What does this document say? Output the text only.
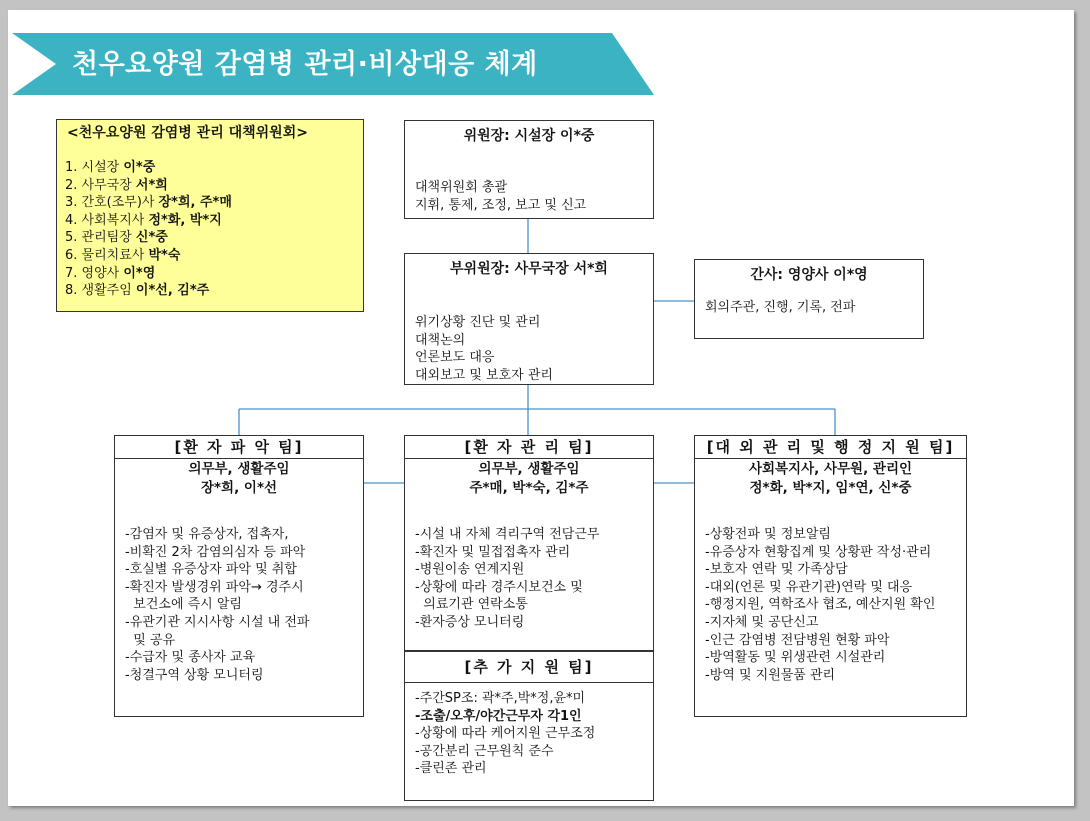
천우요양원 감염병 관리·비상대응 체계
<천우요양원 감염병 관리 대책위원회>
1. 시설장 이*중
2. 사무국장 서*희
3. 간호(조무)사 장*희, 주*매
4. 사회복지사 정*화, 박*지
5. 관리팀장 신*중
6. 물리치료사 박*숙
7. 영양사 이*영
8. 생활주임 이*선, 김*주
위원장: 시설장 이*중
대책위원회 총괄
지휘, 통제, 조정, 보고 및 신고
부위원장: 사무국장 서*희
위기상황 진단 및 관리
대책논의
언론보도 대응
대외보고 및 보호자 관리
간사: 영양사 이*영
회의주관, 진행, 기록, 전파
[환 자 파 악 팀]
의무부, 생활주임
장*희, 이*선
-감염자 및 유증상자, 접촉자,
-비확진 2차 감염의심자 등 파악
-호실별 유증상자 파악 및 취합
-확진자 발생경위 파악→ 경주시
보건소에 즉시 알림
-유관기관 지시사항 시설 내 전파
및 공유
-수급자 및 종사자 교육
-청결구역 상황 모니터링
[환 자 관 리 팀]
의무부, 생활주임
주*매, 박*숙, 김*주
-시설 내 자체 격리구역 전담근무
-확진자 및 밀접접촉자 관리
-병원이송 연계지원
-상황에 따라 경주시보건소 및
의료기관 연락소통
-환자증상 모니터링
[대 외 관 리 및 행 정 지 원 팀]
사회복지사, 사무원, 관리인
정*화, 박*지, 임*연, 신*중
-상황전파 및 정보알림
-유증상자 현황집계 및 상황판 작성·관리
-보호자 연락 및 가족상담
-대외(언론 및 유관기관)연락 및 대응
-행정지원, 역학조사 협조, 예산지원 확인
-지자체 및 공단신고
-인근 감염병 전담병원 현황 파악
-방역활동 및 위생관련 시설관리
-방역 및 지원물품 관리
[추 가 지 원 팀]
-주간SP조: 곽*주,박*정,윤*미
-조출/오후/야간근무자 각1인
-상황에 따라 케어지원 근무조정
-공간분리 근무원칙 준수
-클린존 관리
